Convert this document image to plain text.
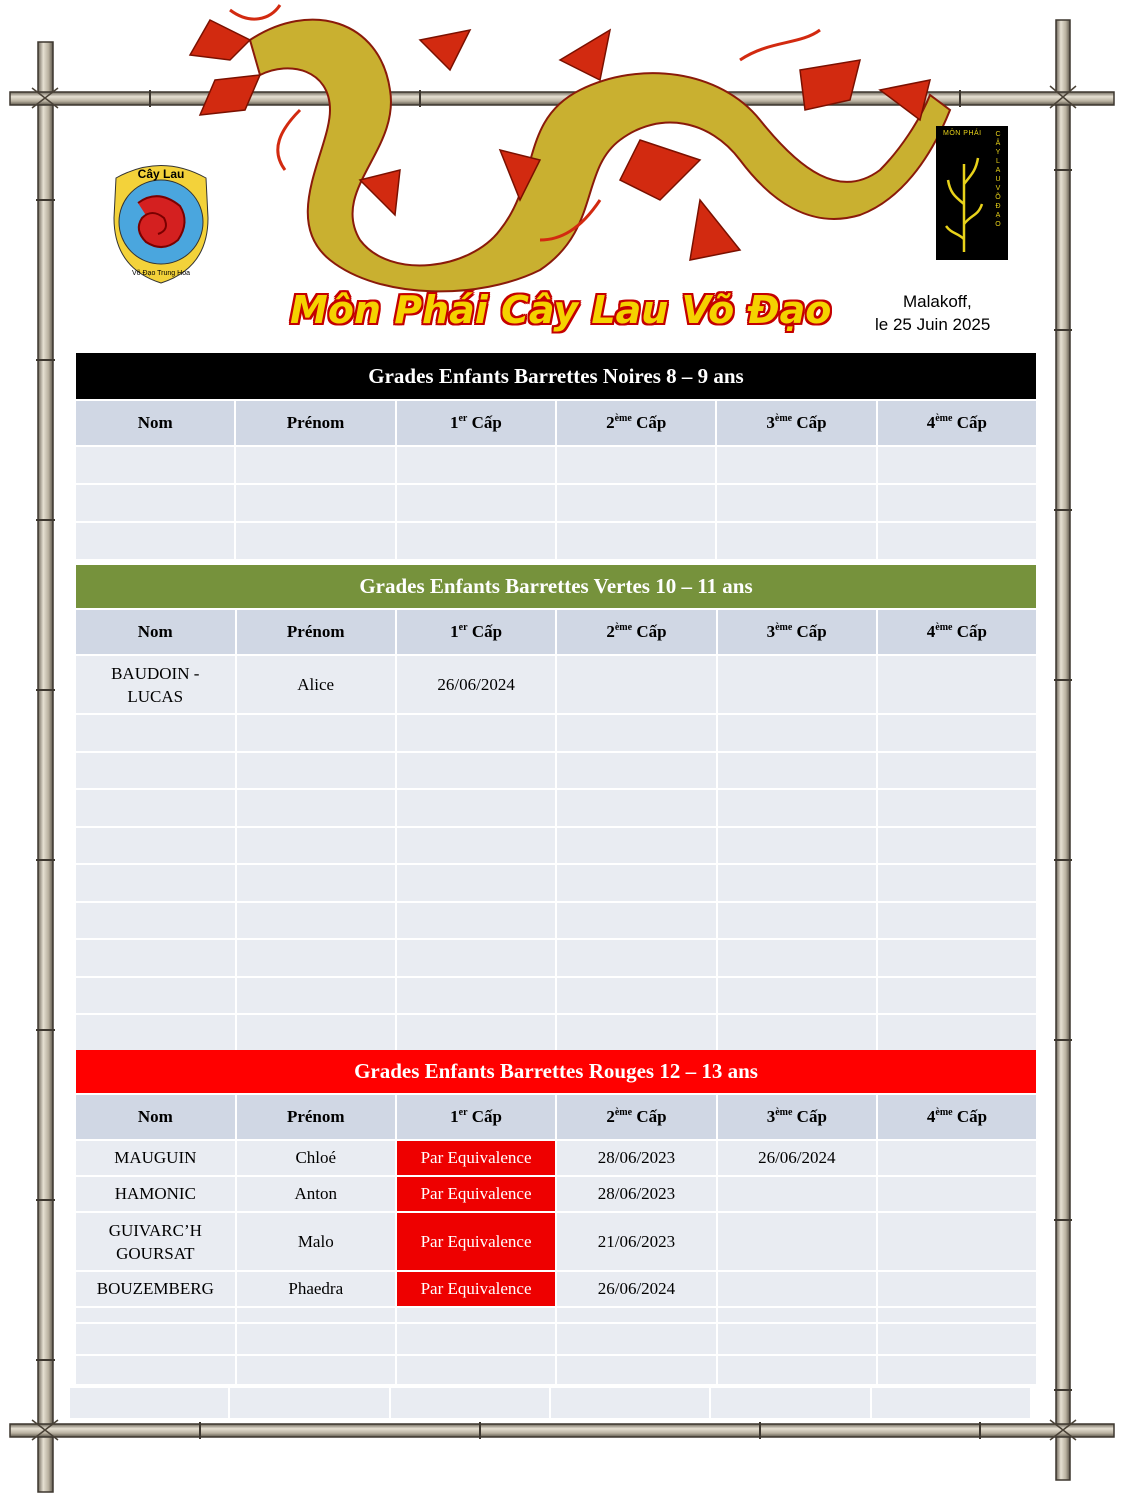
Cây Lau
Võ Đạo Trung Hoa
MÔN PHÁI CÂY LAU VÕ ĐẠO
Môn Phái Cây Lau Võ Đạo	Malakoff,
le 25 Juin 2025
Grades Enfants Barrettes Noires 8 – 9 ans
Nom	Prénom	1er Cấp	2ème Cấp	3ème Cấp	4ème Cấp

Grades Enfants Barrettes Vertes 10 – 11 ans
Nom	Prénom	1er Cấp	2ème Cấp	3ème Cấp	4ème Cấp
BAUDOIN -
LUCAS	Alice	26/06/2024			

Grades Enfants Barrettes Rouges 12 – 13 ans
Nom	Prénom	1er Cấp	2ème Cấp	3ème Cấp	4ème Cấp
MAUGUIN	Chloé	Par Equivalence	28/06/2023	26/06/2024	
HAMONIC	Anton	Par Equivalence	28/06/2023		
GUIVARC’H
GOURSAT	Malo	Par Equivalence	21/06/2023		
BOUZEMBERG	Phaedra	Par Equivalence	26/06/2024		
